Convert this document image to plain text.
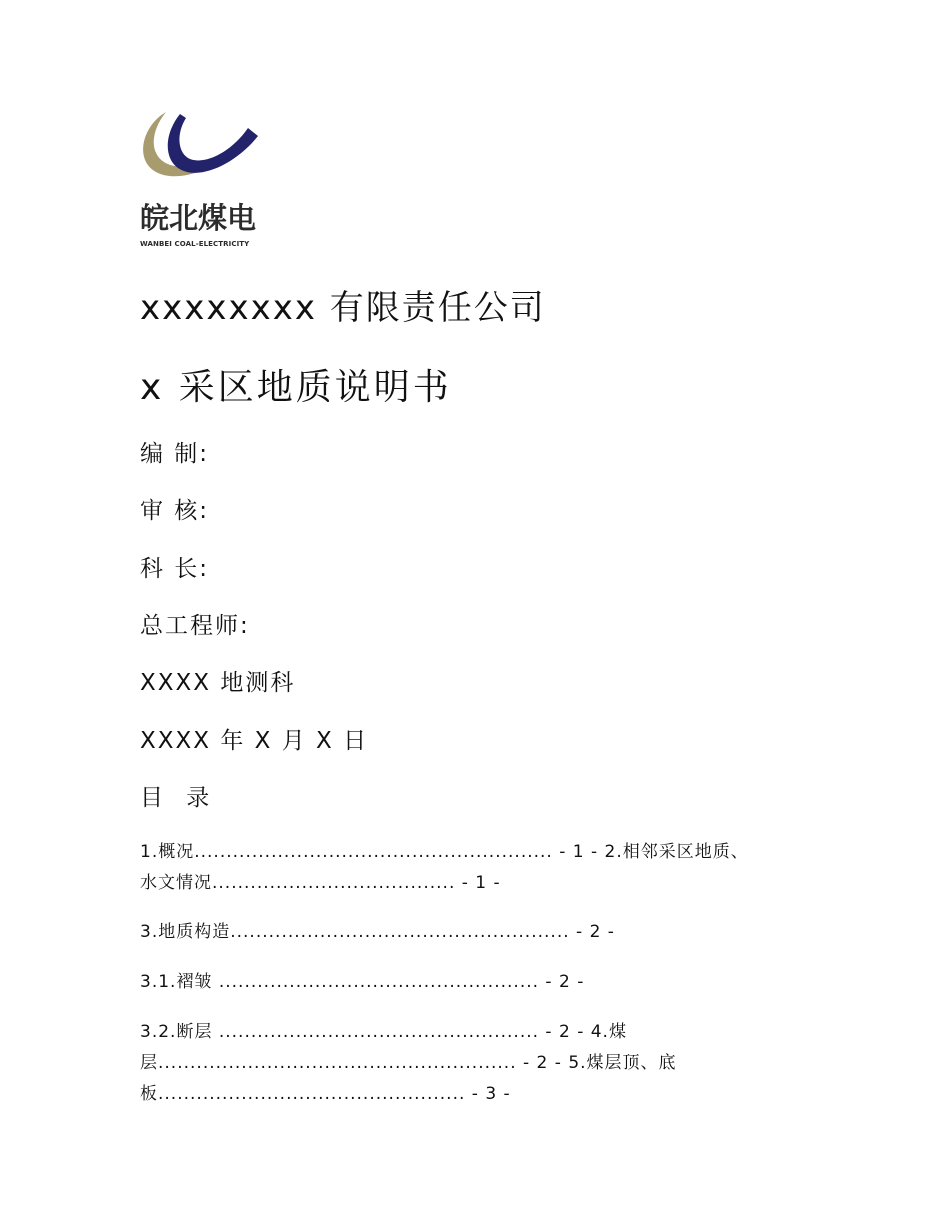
皖北煤电
WANBEI COAL-ELECTRICITY
xxxxxxxx 有限责任公司
x 采区地质说明书
编 制:
审 核:
科 长:
总工程师:
XXXX 地测科
XXXX 年 X 月 X 日
目 录
1.概况........................................................ - 1 - 2.相邻采区地质、
水文情况...................................... - 1 -
3.地质构造..................................................... - 2 -
3.1.褶皱 .................................................. - 2 -
3.2.断层 .................................................. - 2 - 4.煤
层........................................................ - 2 - 5.煤层顶、底
板................................................ - 3 -
